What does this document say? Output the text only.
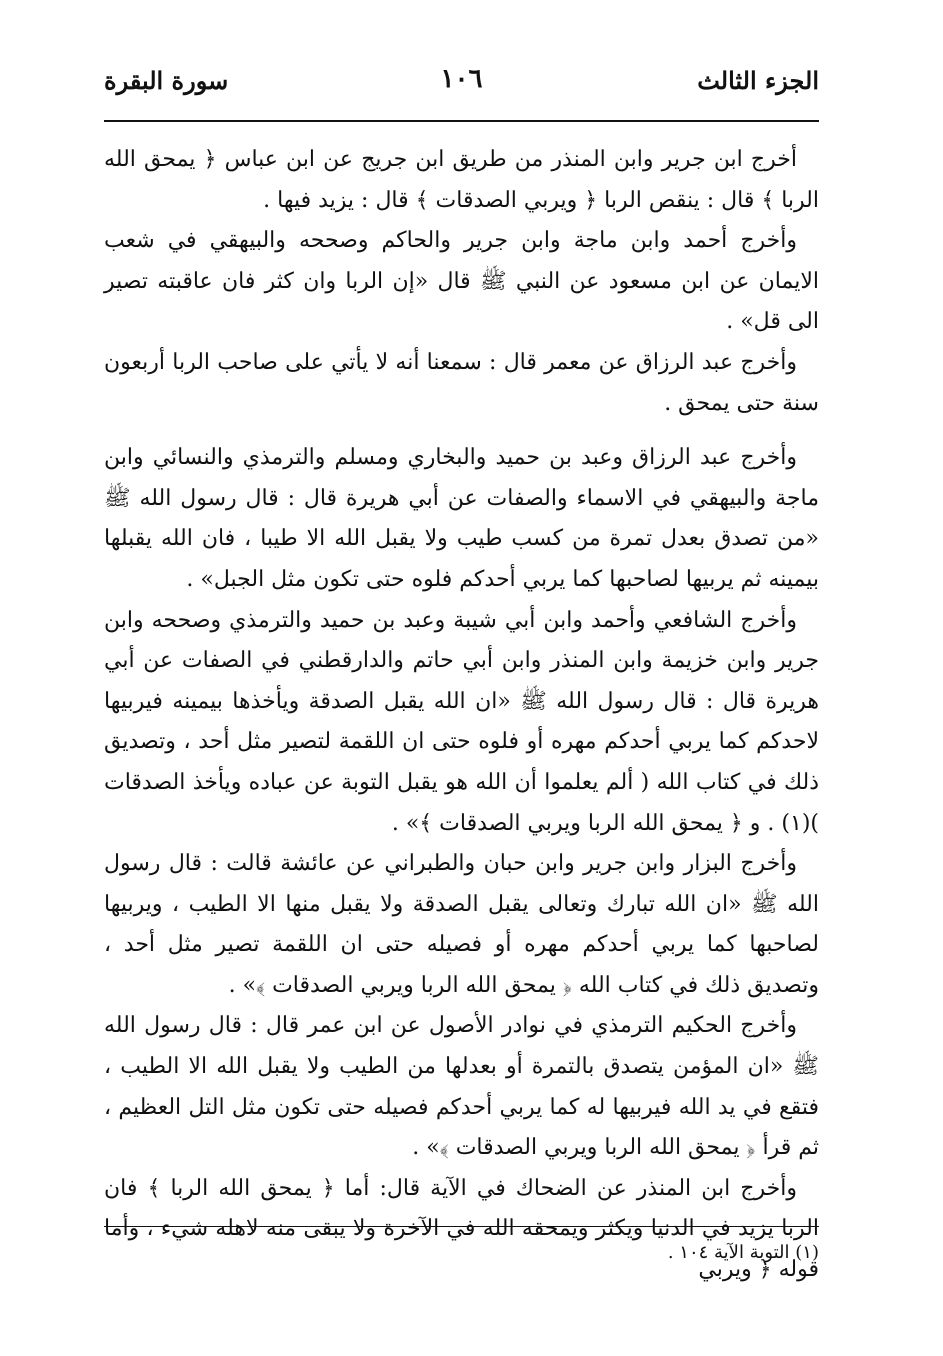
الجزء الثالث
١٠٦
سورة البقرة

أخرج ابن جرير وابن المنذر من طريق ابن جريج عن ابن عباس ﴿ يمحق الله الربا ﴾ قال : ينقص الربا ﴿ ويربي الصدقات ﴾ قال : يزيد فيها .

وأخرج أحمد وابن ماجة وابن جرير والحاكم وصححه والبيهقي في شعب الايمان عن ابن مسعود عن النبي ﷺ قال «إن الربا وان كثر فان عاقبته تصير الى قل» .

وأخرج عبد الرزاق عن معمر قال : سمعنا أنه لا يأتي على صاحب الربا أربعون سنة حتى يمحق .

وأخرج عبد الرزاق وعبد بن حميد والبخاري ومسلم والترمذي والنسائي وابن ماجة والبيهقي في الاسماء والصفات عن أبي هريرة قال : قال رسول الله ﷺ «من تصدق بعدل تمرة من كسب طيب ولا يقبل الله الا طيبا ، فان الله يقبلها بيمينه ثم يربيها لصاحبها كما يربي أحدكم فلوه حتى تكون مثل الجبل» .

وأخرج الشافعي وأحمد وابن أبي شيبة وعبد بن حميد والترمذي وصححه وابن جرير وابن خزيمة وابن المنذر وابن أبي حاتم والدارقطني في الصفات عن أبي هريرة قال : قال رسول الله ﷺ «ان الله يقبل الصدقة ويأخذها بيمينه فيربيها لاحدكم كما يربي أحدكم مهره أو فلوه حتى ان اللقمة لتصير مثل أحد ، وتصديق ذلك في كتاب الله ( ألم يعلموا أن الله هو يقبل التوبة عن عباده ويأخذ الصدقات )(١) . و ﴿ يمحق الله الربا ويربي الصدقات ﴾» .

وأخرج البزار وابن جرير وابن حبان والطبراني عن عائشة قالت : قال رسول الله ﷺ «ان الله تبارك وتعالى يقبل الصدقة ولا يقبل منها الا الطيب ، ويربيها لصاحبها كما يربي أحدكم مهره أو فصيله حتى ان اللقمة تصير مثل أحد ، وتصديق ذلك في كتاب الله ﴿ يمحق الله الربا ويربي الصدقات ﴾» .

وأخرج الحكيم الترمذي في نوادر الأصول عن ابن عمر قال : قال رسول الله ﷺ «ان المؤمن يتصدق بالتمرة أو بعدلها من الطيب ولا يقبل الله الا الطيب ، فتقع في يد الله فيربيها له كما يربي أحدكم فصيله حتى تكون مثل التل العظيم ، ثم قرأ ﴿ يمحق الله الربا ويربي الصدقات ﴾» .

وأخرج ابن المنذر عن الضحاك في الآية قال: أما ﴿ يمحق الله الربا ﴾ فان الربا يزيد في الدنيا ويكثر ويمحقه الله في الآخرة ولا يبقى منه لاهله شيء ، وأما قوله ﴿ ويربي

(١) التوبة الآية ١٠٤ .
